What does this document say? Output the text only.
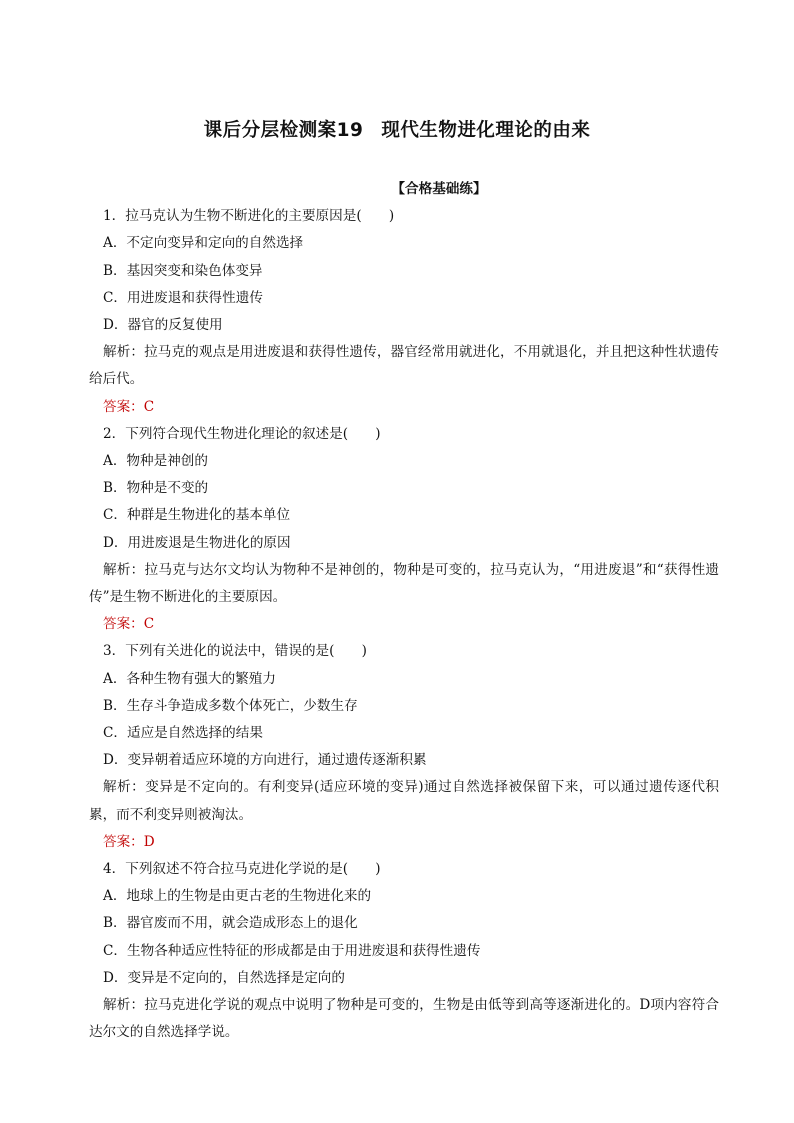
课后分层检测案19 现代生物进化理论的由来
【合格基础练】
1．拉马克认为生物不断进化的主要原因是(　　)
A．不定向变异和定向的自然选择
B．基因突变和染色体变异
C．用进废退和获得性遗传
D．器官的反复使用
解析：拉马克的观点是用进废退和获得性遗传，器官经常用就进化，不用就退化，并且把这种性状遗传给后代。
答案：C
2．下列符合现代生物进化理论的叙述是(　　)
A．物种是神创的
B．物种是不变的
C．种群是生物进化的基本单位
D．用进废退是生物进化的原因
解析：拉马克与达尔文均认为物种不是神创的，物种是可变的，拉马克认为，“用进废退”和“获得性遗传”是生物不断进化的主要原因。
答案：C
3．下列有关进化的说法中，错误的是(　　)
A．各种生物有强大的繁殖力
B．生存斗争造成多数个体死亡，少数生存
C．适应是自然选择的结果
D．变异朝着适应环境的方向进行，通过遗传逐渐积累
解析：变异是不定向的。有利变异(适应环境的变异)通过自然选择被保留下来，可以通过遗传逐代积累，而不利变异则被淘汰。
答案：D
4．下列叙述不符合拉马克进化学说的是(　　)
A．地球上的生物是由更古老的生物进化来的
B．器官废而不用，就会造成形态上的退化
C．生物各种适应性特征的形成都是由于用进废退和获得性遗传
D．变异是不定向的，自然选择是定向的
解析：拉马克进化学说的观点中说明了物种是可变的，生物是由低等到高等逐渐进化的。D项内容符合达尔文的自然选择学说。
